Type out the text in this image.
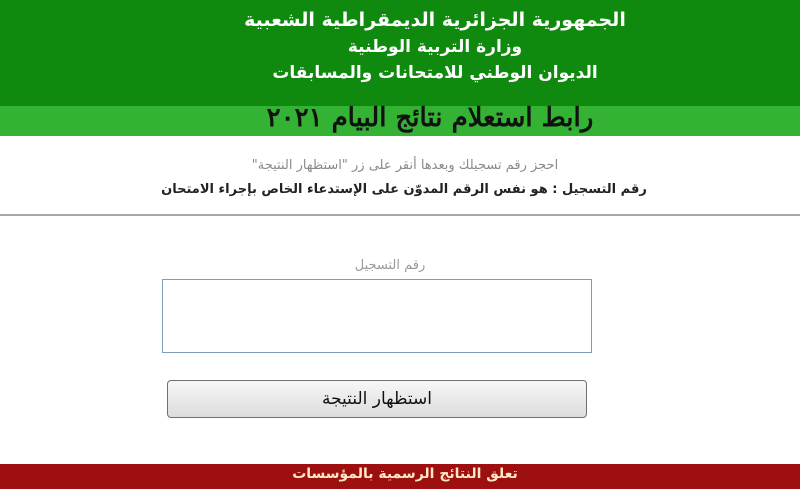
الجمهورية الجزائرية الديمقراطية الشعبية
وزارة التربية الوطنية
الديوان الوطني للامتحانات والمسابقات
رابط استعلام نتائج البيام ٢٠٢١
احجز رقم تسجيلك وبعدها أنقر على زر "استظهار النتيجة"
رقم التسجيل : هو نفس الرقم المدوّن على الإستدعاء الخاص بإجراء الامتحان
رقم التسجيل
استظهار النتيجة
تعلق النتائج الرسمية بالمؤسسات
